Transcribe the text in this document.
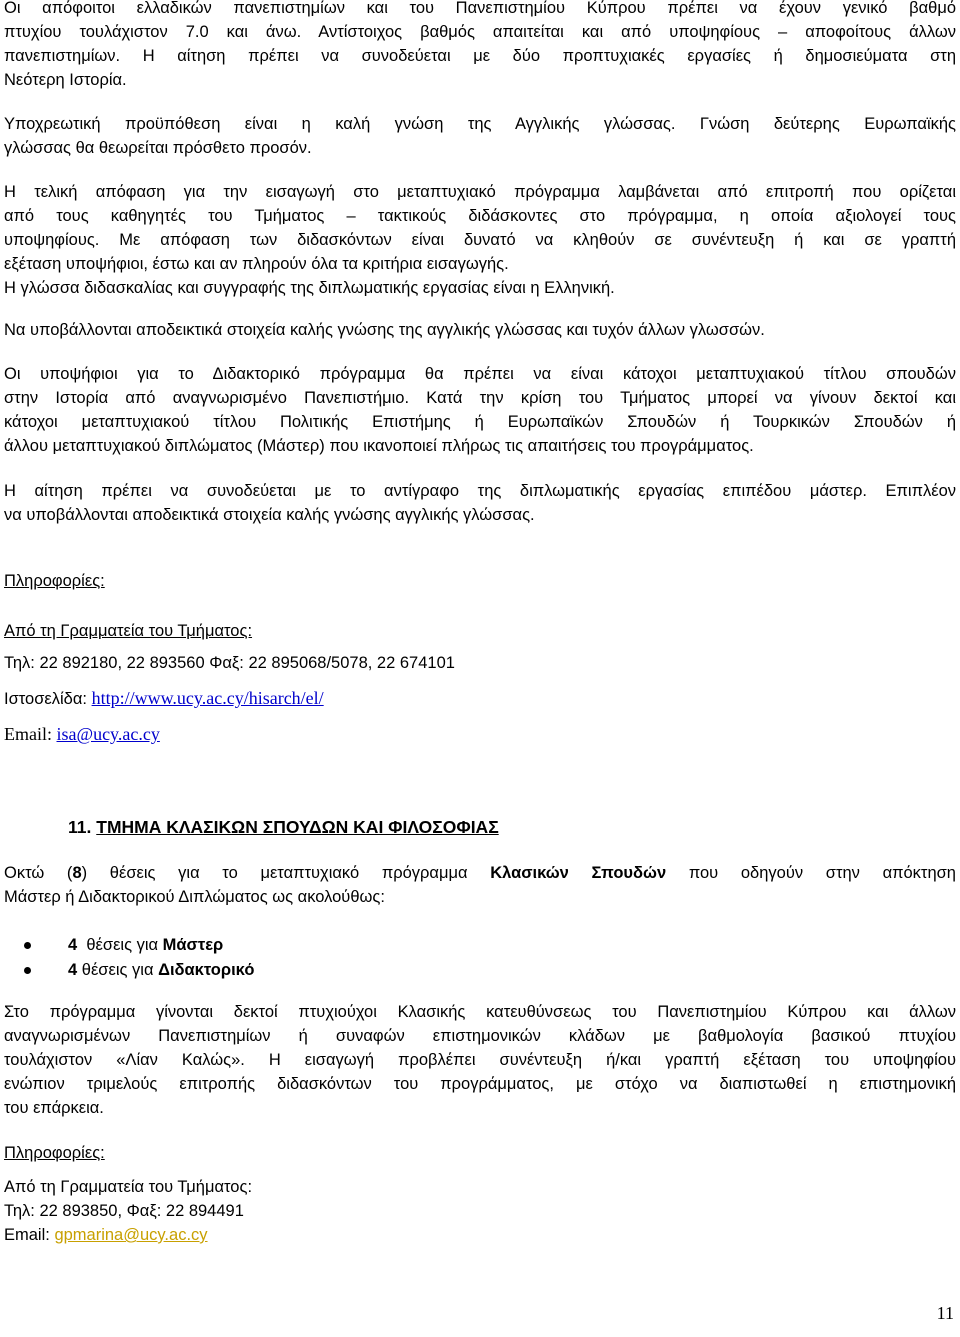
Οι απόφοιτοι ελλαδικών πανεπιστημίων και του Πανεπιστημίου Κύπρου πρέπει να έχουν γενικό βαθμό
πτυχίου τουλάχιστον 7.0 και άνω. Αντίστοιχος βαθμός απαιτείται και από υποψηφίους – αποφοίτους άλλων
πανεπιστημίων. Η αίτηση πρέπει να συνοδεύεται με δύο προπτυχιακές εργασίες ή δημοσιεύματα στη
Νεότερη Ιστορία.
Υποχρεωτική προϋπόθεση είναι η καλή γνώση της Αγγλικής γλώσσας. Γνώση δεύτερης Ευρωπαϊκής
γλώσσας θα θεωρείται πρόσθετο προσόν.
Η τελική απόφαση για την εισαγωγή στο μεταπτυχιακό πρόγραμμα λαμβάνεται από επιτροπή που ορίζεται
από τους καθηγητές του Τμήματος – τακτικούς διδάσκοντες στο πρόγραμμα, η οποία αξιολογεί τους
υποψηφίους. Με απόφαση των διδασκόντων είναι δυνατό να κληθούν σε συνέντευξη ή και σε γραπτή
εξέταση υποψήφιοι, έστω και αν πληρούν όλα τα κριτήρια εισαγωγής.
Η γλώσσα διδασκαλίας και συγγραφής της διπλωματικής εργασίας είναι η Ελληνική.
Να υποβάλλονται αποδεικτικά στοιχεία καλής γνώσης της αγγλικής γλώσσας και τυχόν άλλων γλωσσών.
Οι υποψήφιοι για το Διδακτορικό πρόγραμμα θα πρέπει να είναι κάτοχοι μεταπτυχιακού τίτλου σπουδών
στην Ιστορία από αναγνωρισμένο Πανεπιστήμιο. Κατά την κρίση του Τμήματος μπορεί να γίνουν δεκτοί και
κάτοχοι μεταπτυχιακού τίτλου Πολιτικής Επιστήμης ή Ευρωπαϊκών Σπουδών ή Τουρκικών Σπουδών ή
άλλου μεταπτυχιακού διπλώματος (Μάστερ) που ικανοποιεί πλήρως τις απαιτήσεις του προγράμματος.
Η αίτηση πρέπει να συνοδεύεται με το αντίγραφο της διπλωματικής εργασίας επιπέδου μάστερ. Επιπλέον
να υποβάλλονται αποδεικτικά στοιχεία καλής γνώσης αγγλικής γλώσσας.
Πληροφορίες:
Από τη Γραμματεία του Τμήματος:
Τηλ: 22 892180, 22 893560 Φαξ: 22 895068/5078, 22 674101
Ιστοσελίδα: http://www.ucy.ac.cy/hisarch/el/
Email: isa@ucy.ac.cy
11. ΤΜΗΜΑ ΚΛΑΣΙΚΩΝ ΣΠΟΥΔΩΝ ΚΑΙ ΦΙΛΟΣΟΦΙΑΣ
Οκτώ (8) θέσεις για το μεταπτυχιακό πρόγραμμα Κλασικών Σπουδών που οδηγούν στην απόκτηση
Μάστερ ή Διδακτορικού Διπλώματος ως ακολούθως:
4 θέσεις για Μάστερ
4 θέσεις για Διδακτορικό
Στο πρόγραμμα γίνονται δεκτοί πτυχιούχοι Κλασικής κατευθύνσεως του Πανεπιστημίου Κύπρου και άλλων
αναγνωρισμένων Πανεπιστημίων ή συναφών επιστημονικών κλάδων με βαθμολογία βασικού πτυχίου
τουλάχιστον «Λίαν Καλώς». Η εισαγωγή προβλέπει συνέντευξη ή/και γραπτή εξέταση του υποψηφίου
ενώπιον τριμελούς επιτροπής διδασκόντων του προγράμματος, με στόχο να διαπιστωθεί η επιστημονική
του επάρκεια.
Πληροφορίες:
Από τη Γραμματεία του Τμήματος:
Τηλ: 22 893850, Φαξ: 22 894491
Email: gpmarina@ucy.ac.cy
11
